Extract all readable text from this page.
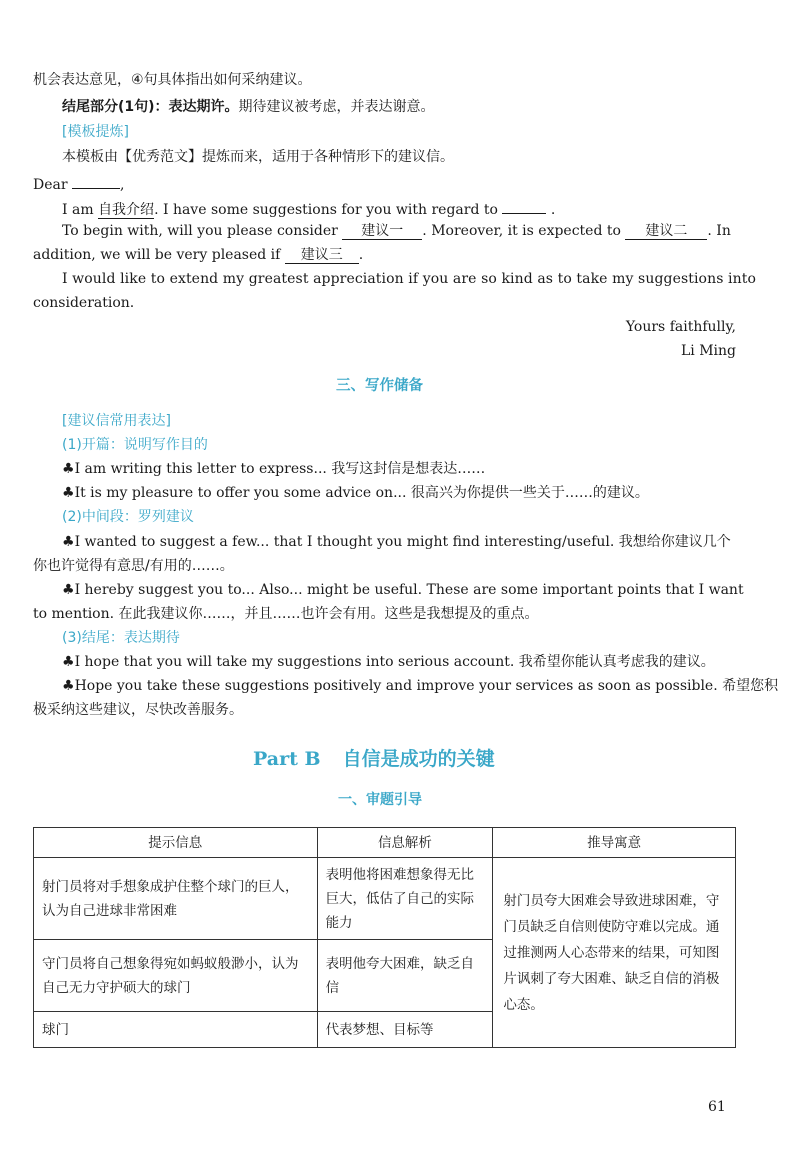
机会表达意见，④句具体指出如何采纳建议。
结尾部分(1句)：表达期许。期待建议被考虑，并表达谢意。
[模板提炼]
本模板由【优秀范文】提炼而来，适用于各种情形下的建议信。
Dear	,
I am 自我介绍. I have some suggestions for you with regard to	.
To begin with, will you please consider 建议一 . Moreover, it is expected to 建议二 . In
addition, we will be very pleased if 建议三 .
I would like to extend my greatest appreciation if you are so kind as to take my suggestions into
consideration.
Yours faithfully,
Li Ming
三、写作储备
[建议信常用表达]
(1)开篇：说明写作目的
♣I am writing this letter to express... 我写这封信是想表达……
♣It is my pleasure to offer you some advice on... 很高兴为你提供一些关于……的建议。
(2)中间段：罗列建议
♣I wanted to suggest a few... that I thought you might find interesting/useful. 我想给你建议几个
你也许觉得有意思/有用的……。
♣I hereby suggest you to... Also... might be useful. These are some important points that I want
to mention. 在此我建议你……，并且……也许会有用。这些是我想提及的重点。
(3)结尾：表达期待
♣I hope that you will take my suggestions into serious account. 我希望你能认真考虑我的建议。
♣Hope you take these suggestions positively and improve your services as soon as possible. 希望您积
极采纳这些建议，尽快改善服务。
Part B 自信是成功的关键
一、审题引导
提示信息	信息解析	推导寓意
射门员将对手想象成护住整个球门的巨人，认为自己进球非常困难	表明他将困难想象得无比巨大，低估了自己的实际能力	射门员夸大困难会导致进球困难，守门员缺乏自信则使防守难以完成。通过推测两人心态带来的结果，可知图片讽刺了夸大困难、缺乏自信的消极心态。
守门员将自己想象得宛如蚂蚁般渺小，认为自己无力守护硕大的球门	表明他夸大困难，缺乏自信	
球门	代表梦想、目标等	
61
